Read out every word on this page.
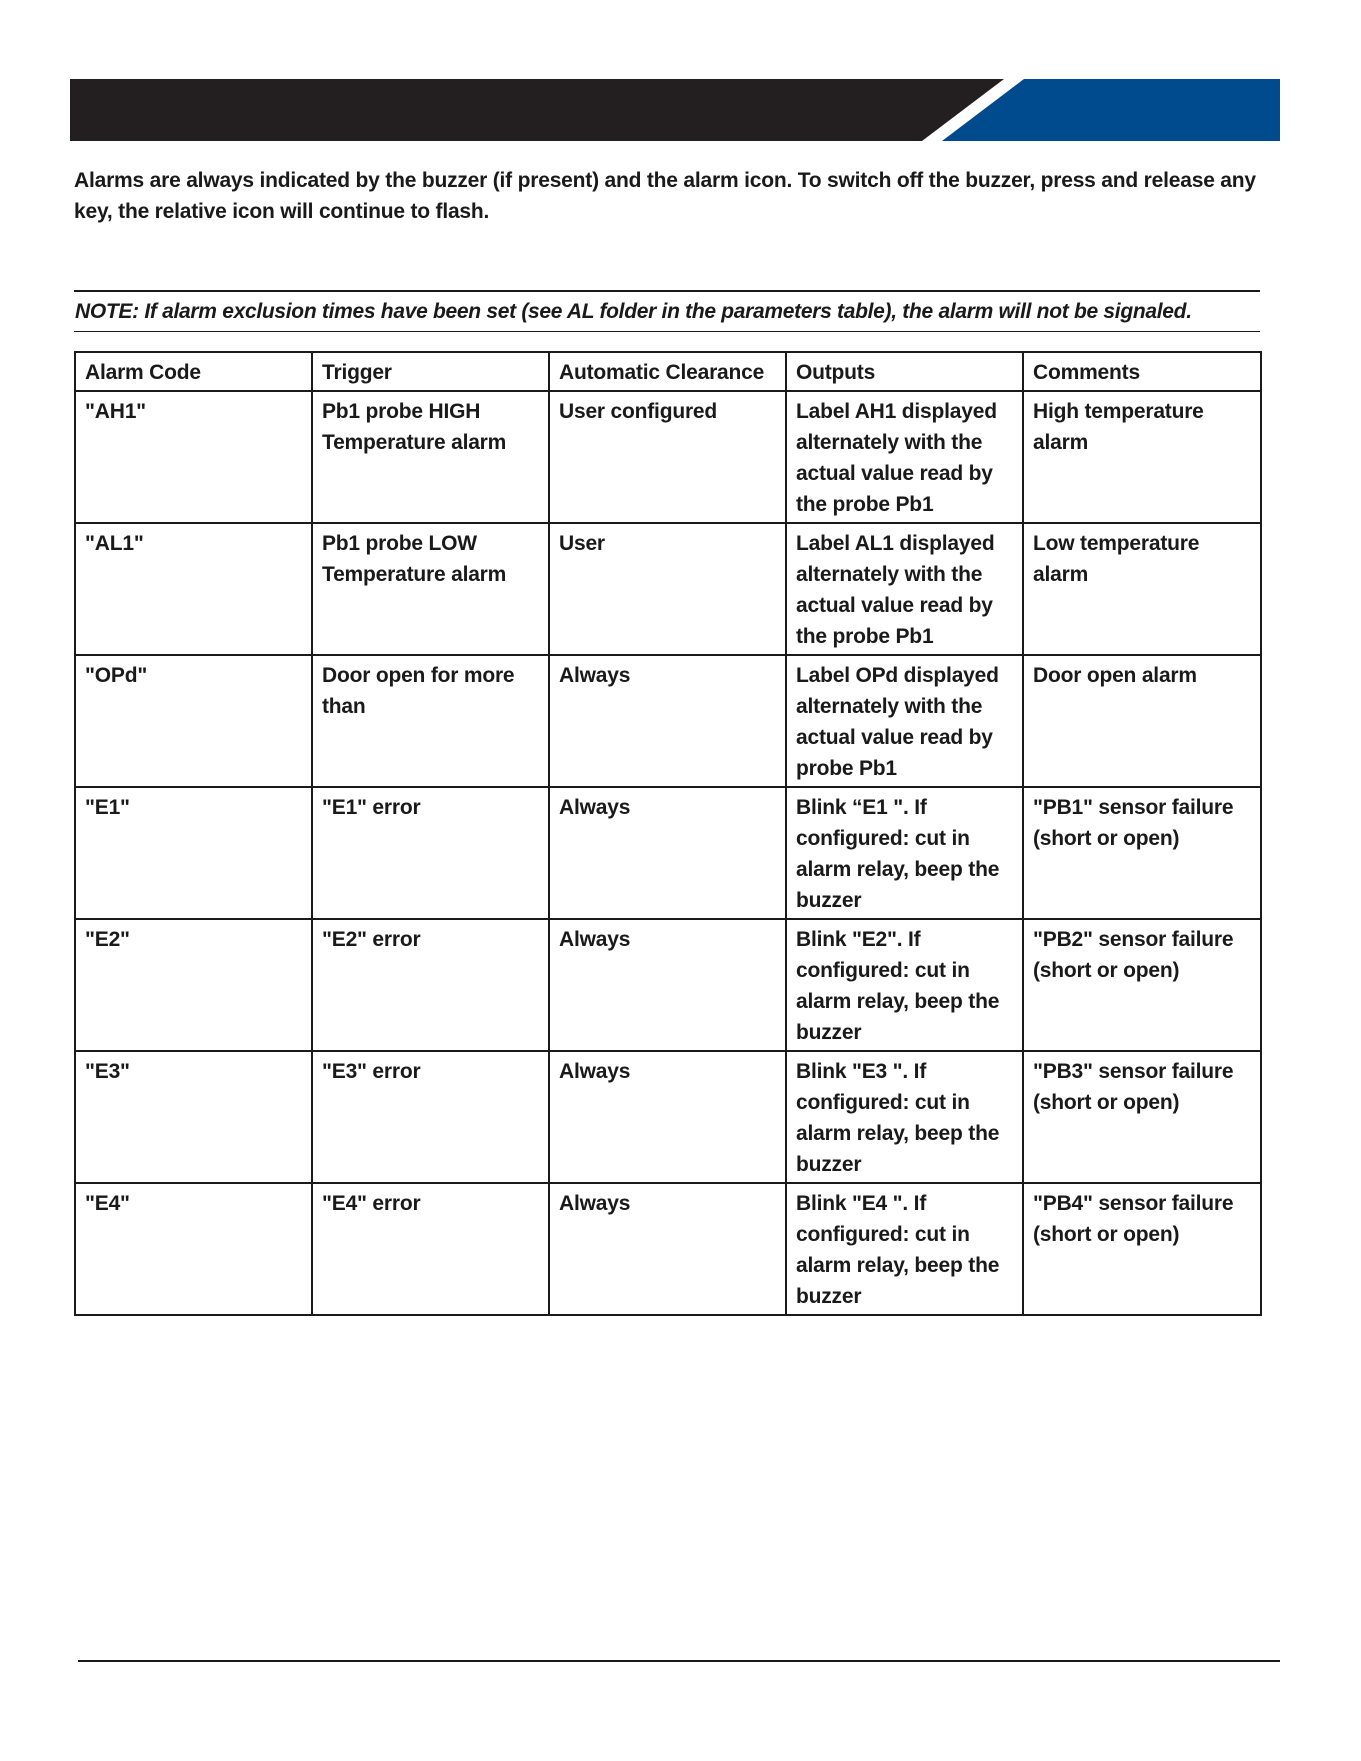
Alarms are always indicated by the buzzer (if present) and the alarm icon. To switch off the buzzer, press and release any key, the relative icon will continue to flash.
NOTE: If alarm exclusion times have been set (see AL folder in the parameters table), the alarm will not be signaled.
Alarm Code	Trigger	Automatic Clearance	Outputs	Comments
"AH1"	Pb1 probe HIGH Temperature alarm	User configured	Label AH1 displayed alternately with the actual value read by the probe Pb1	High temperature alarm
"AL1"	Pb1 probe LOW Temperature alarm	User	Label AL1 displayed alternately with the actual value read by the probe Pb1	Low temperature alarm
"OPd"	Door open for more than	Always	Label OPd displayed alternately with the actual value read by probe Pb1	Door open alarm
"E1"	"E1" error	Always	Blink “E1 ". If configured: cut in alarm relay, beep the buzzer	"PB1" sensor failure (short or open)
"E2"	"E2" error	Always	Blink "E2". If configured: cut in alarm relay, beep the buzzer	"PB2" sensor failure (short or open)
"E3"	"E3" error	Always	Blink "E3 ". If configured: cut in alarm relay, beep the buzzer	"PB3" sensor failure (short or open)
"E4"	"E4" error	Always	Blink "E4 ". If configured: cut in alarm relay, beep the buzzer	"PB4" sensor failure (short or open)
